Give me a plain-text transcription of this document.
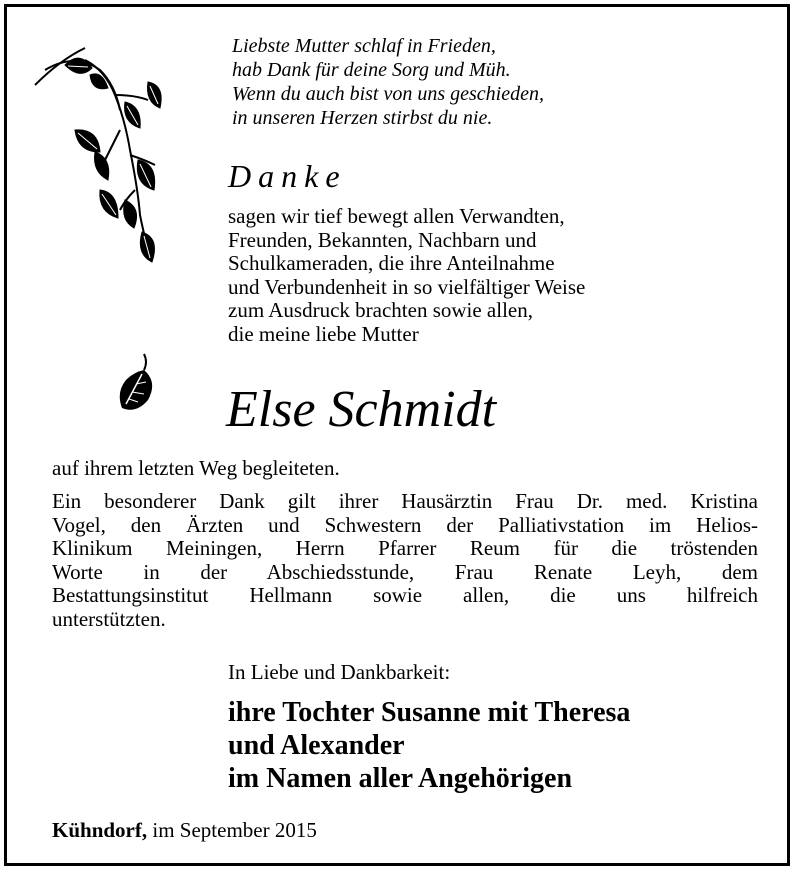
Liebste Mutter schlaf in Frieden,
hab Dank für deine Sorg und Müh.
Wenn du auch bist von uns geschieden,
in unseren Herzen stirbst du nie.
Danke
sagen wir tief bewegt allen Verwandten,
Freunden, Bekannten, Nachbarn und
Schulkameraden, die ihre Anteilnahme
und Verbundenheit in so vielfältiger Weise
zum Ausdruck brachten sowie allen,
die meine liebe Mutter
Else Schmidt
auf ihrem letzten Weg begleiteten.
Ein besonderer Dank gilt ihrer Hausärztin Frau Dr. med. Kristina
Vogel, den Ärzten und Schwestern der Palliativstation im Helios-
Klinikum Meiningen, Herrn Pfarrer Reum für die tröstenden
Worte in der Abschiedsstunde, Frau Renate Leyh, dem
Bestattungsinstitut Hellmann sowie allen, die uns hilfreich
unterstützten.
In Liebe und Dankbarkeit:
ihre Tochter Susanne mit Theresa
und Alexander
im Namen aller Angehörigen
Kühndorf, im September 2015
